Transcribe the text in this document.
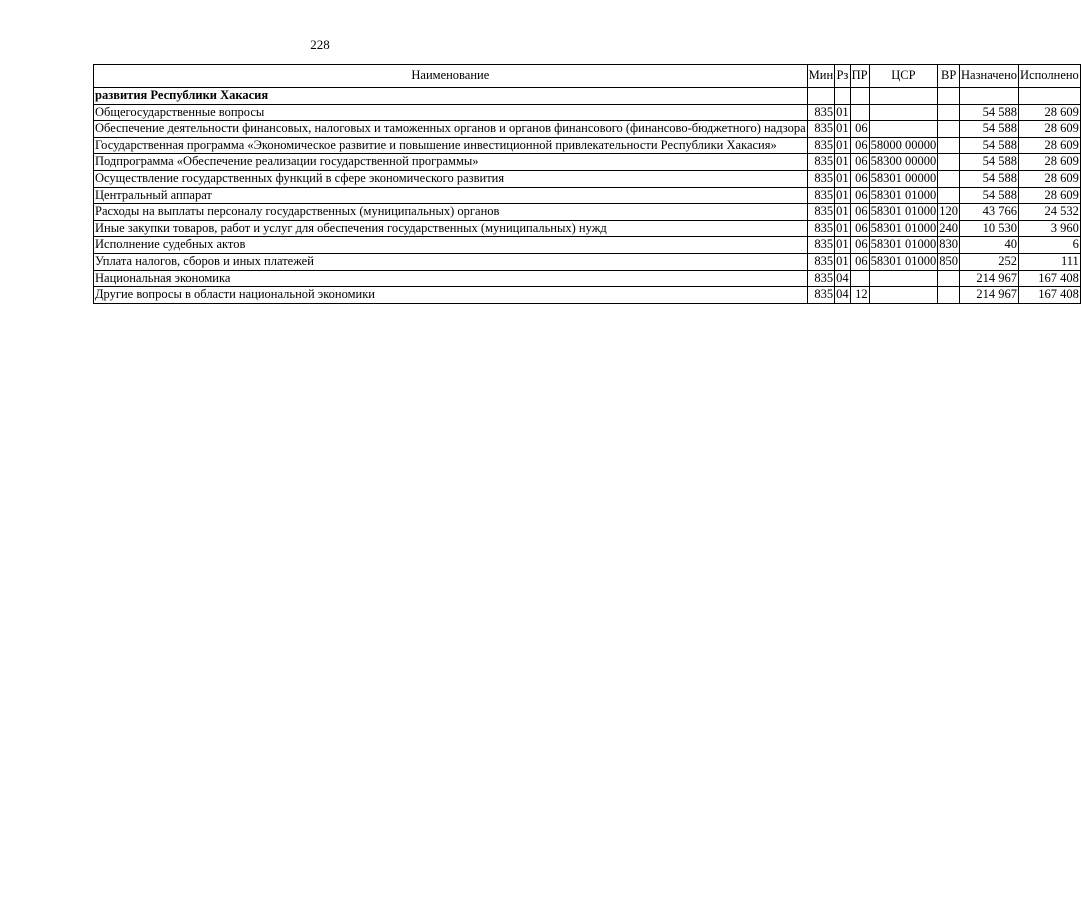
228
Наименование	Мин	Рз	ПР	ЦСР	ВР	Назначено	Исполнено
развития Республики Хакасия							
Общегосударственные вопросы	835	01				54 588	28 609
Обеспечение деятельности финансовых, налоговых и таможенных органов и органов финансового (финансово-бюджетного) надзора	835	01	06			54 588	28 609
Государственная программа «Экономическое развитие и повышение инвестиционной привлекательности Республики Хакасия»	835	01	06	58000 00000		54 588	28 609
Подпрограмма «Обеспечение реализации государственной программы»	835	01	06	58300 00000		54 588	28 609
Осуществление государственных функций в сфере экономического развития	835	01	06	58301 00000		54 588	28 609
Центральный аппарат	835	01	06	58301 01000		54 588	28 609
Расходы на выплаты персоналу государственных (муниципальных) органов	835	01	06	58301 01000	120	43 766	24 532
Иные закупки товаров, работ и услуг для обеспечения государственных (муниципальных) нужд	835	01	06	58301 01000	240	10 530	3 960
Исполнение судебных актов	835	01	06	58301 01000	830	40	6
Уплата налогов, сборов и иных платежей	835	01	06	58301 01000	850	252	111
Национальная экономика	835	04				214 967	167 408
Другие вопросы в области национальной экономики	835	04	12			214 967	167 408
